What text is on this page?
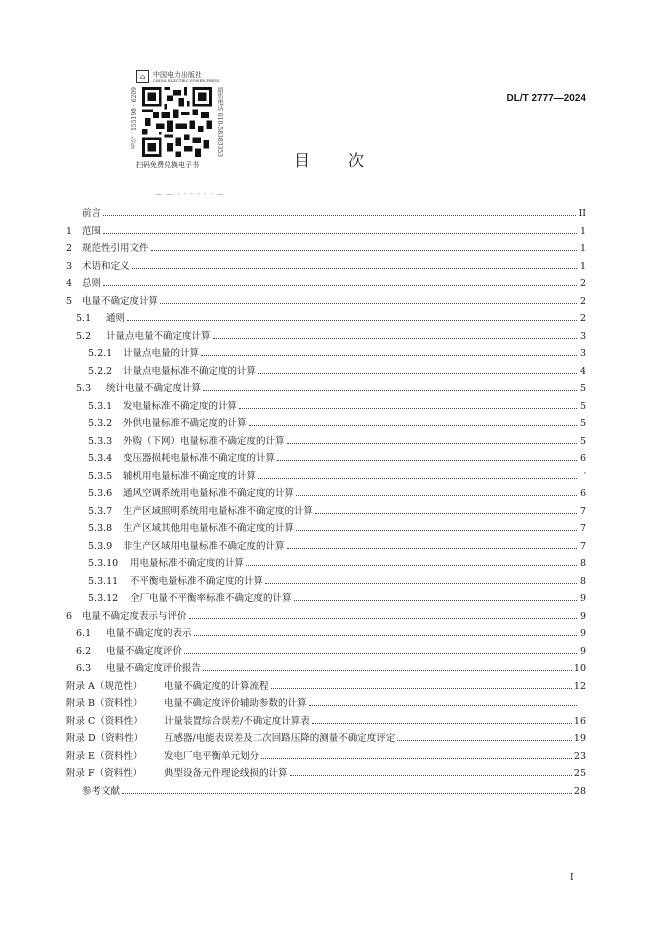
⌂	中国电力出版社
CHINA ELECTRIC POWER PRESS
书号：155198 · 6209	销售电话 010-58383353
扫码免费兑换电子书
— — - - - - - - —
DL/T 2777—2024
目次
前言	II
1	范围	1
2	规范性引用文件	1
3	术语和定义	1
4	总则	2
5	电量不确定度计算	2
5.1	通则	2
5.2	计量点电量不确定度计算	3
5.2.1	计量点电量的计算	3
5.2.2	计量点电量标准不确定度的计算	4
5.3	统计电量不确定度计算	5
5.3.1	发电量标准不确定度的计算	5
5.3.2	外供电量标准不确定度的计算	5
5.3.3	外购（下网）电量标准不确定度的计算	5
5.3.4	变压器损耗电量标准不确定度的计算	6
5.3.5	辅机用电量标准不确定度的计算	′
5.3.6	通风空调系统用电量标准不确定度的计算	6
5.3.7	生产区域照明系统用电量标准不确定度的计算	7
5.3.8	生产区域其他用电量标准不确定度的计算	7
5.3.9	非生产区域用电量标准不确定度的计算	7
5.3.10	用电量标准不确定度的计算	8
5.3.11	不平衡电量标准不确定度的计算	8
5.3.12	全厂电量不平衡率标准不确定度的计算	9
6	电量不确定度表示与评价	9
6.1	电量不确定度的表示	9
6.2	电量不确定度评价	9
6.3	电量不确定度评价报告	10
附录 A（规范性）	电量不确定度的计算流程	12
附录 B（资料性）	电量不确定度评价辅助参数的计算
附录 C（资料性）	计量装置综合误差/不确定度计算表	16
附录 D（资料性）	互感器/电能表误差及二次回路压降的测量不确定度评定	19
附录 E（资料性）	发电厂电平衡单元划分	23
附录 F（资料性）	典型设备元件理论线损的计算	25
参考文献	28
I
